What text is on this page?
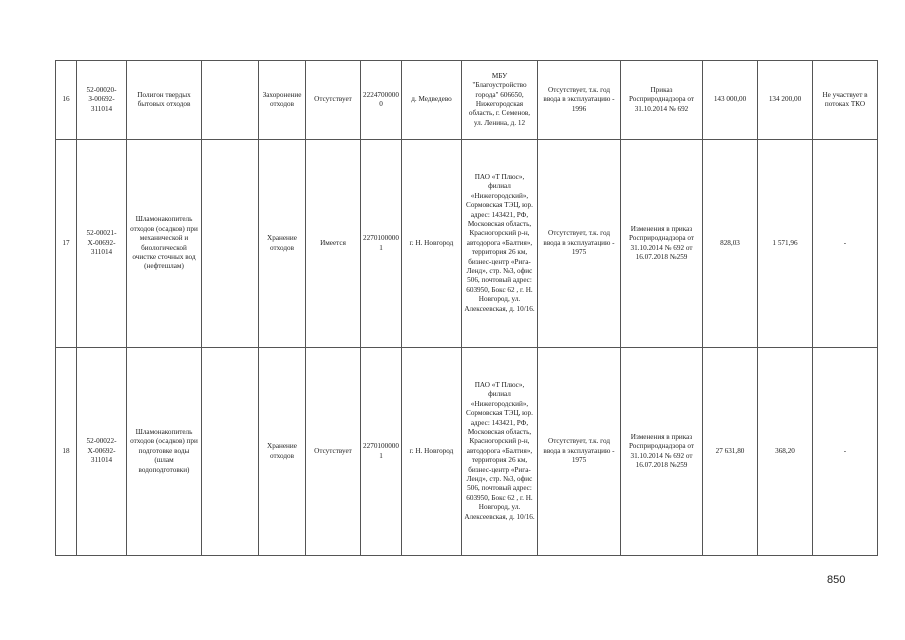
16	52-00020-З-00692-311014	Полигон твердых бытовых отходов		Захоронение отходов	Отсутствует	22247000000	д. Медведево	МБУ "Благоустройство города" 606650, Нижегородская область, г. Семенов, ул. Ленина, д. 12	Отсутствует, т.к. год ввода в эксплуатацию - 1996	Приказ Росприроднадзора от 31.10.2014 № 692	143 000,00	134 200,00	Не участвует в потоках ТКО
17	52-00021-Х-00692-311014	Шламонакопитель отходов (осадков) при механической и биологической очистке сточных вод (нефтешлам)		Хранение отходов	Имеется	22701000001	г. Н. Новгород	ПАО «Т Плюс», филиал «Нижегородский», Сормовская ТЭЦ, юр. адрес: 143421, РФ, Московская область, Красногорский р-н, автодорога «Балтия», территория 26 км, бизнес-центр «Рига-Ленд», стр. №3, офис 506, почтовый адрес: 603950, Бокс 62 , г. Н. Новгород, ул. Алексеевская, д. 10/16.	Отсутствует, т.к. год ввода в эксплуатацию - 1975	Изменения в приказ Росприроднадзора от 31.10.2014 № 692 от 16.07.2018 №259	828,03	1 571,96	-
18	52-00022-Х-00692-311014	Шламонакопитель отходов (осадков) при подготовке воды (шлам водоподготовки)		Хранение отходов	Отсутствует	22701000001	г. Н. Новгород	ПАО «Т Плюс», филиал «Нижегородский», Сормовская ТЭЦ, юр. адрес: 143421, РФ, Московская область, Красногорский р-н, автодорога «Балтия», территория 26 км, бизнес-центр «Рига-Ленд», стр. №3, офис 506, почтовый адрес: 603950, Бокс 62 , г. Н. Новгород, ул. Алексеевская, д. 10/16.	Отсутствует, т.к. год ввода в эксплуатацию - 1975	Изменения в приказ Росприроднадзора от 31.10.2014 № 692 от 16.07.2018 №259	27 631,80	368,20	-
850
